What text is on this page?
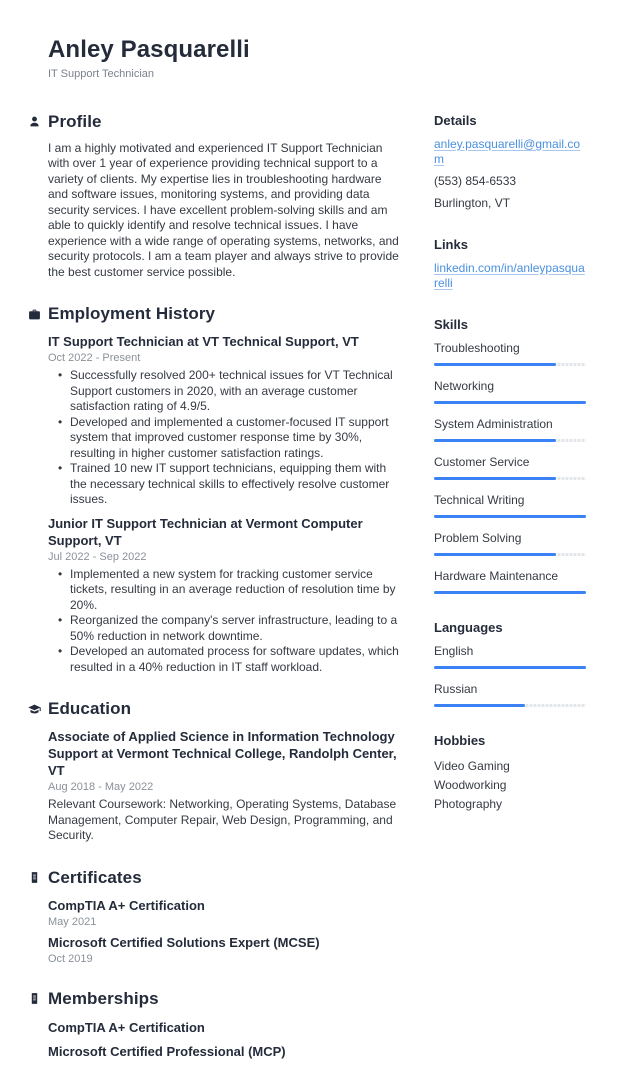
Anley Pasquarelli
IT Support Technician
Profile

I am a highly motivated and experienced IT Support Technician with over 1 year of experience providing technical support to a variety of clients. My expertise lies in troubleshooting hardware and software issues, monitoring systems, and providing data security services. I have excellent problem-solving skills and am able to quickly identify and resolve technical issues. I have experience with a wide range of operating systems, networks, and security protocols. I am a team player and always strive to provide the best customer service possible.

Employment History
IT Support Technician at VT Technical Support, VT
Oct 2022 - Present
• Successfully resolved 200+ technical issues for VT Technical Support customers in 2020, with an average customer satisfaction rating of 4.9/5.
• Developed and implemented a customer-focused IT support system that improved customer response time by 30%, resulting in higher customer satisfaction ratings.
• Trained 10 new IT support technicians, equipping them with the necessary technical skills to effectively resolve customer issues.
Junior IT Support Technician at Vermont Computer Support, VT
Jul 2022 - Sep 2022
• Implemented a new system for tracking customer service tickets, resulting in an average reduction of resolution time by 20%.
• Reorganized the company's server infrastructure, leading to a 50% reduction in network downtime.
• Developed an automated process for software updates, which resulted in a 40% reduction in IT staff workload.
Education
Associate of Applied Science in Information Technology Support at Vermont Technical College, Randolph Center, VT
Aug 2018 - May 2022
Relevant Coursework: Networking, Operating Systems, Database Management, Computer Repair, Web Design, Programming, and Security.
Certificates
CompTIA A+ Certification
May 2021
Microsoft Certified Solutions Expert (MCSE)
Oct 2019
Memberships
CompTIA A+ Certification
Microsoft Certified Professional (MCP)
Details
anley.pasquarelli@gmail.com
(553) 854-6533
Burlington, VT
Links
linkedin.com/in/anleypasquarelli
Skills
Troubleshooting
Networking
System Administration
Customer Service
Technical Writing
Problem Solving
Hardware Maintenance
Languages
English
Russian
Hobbies
Video Gaming
Woodworking
Photography
